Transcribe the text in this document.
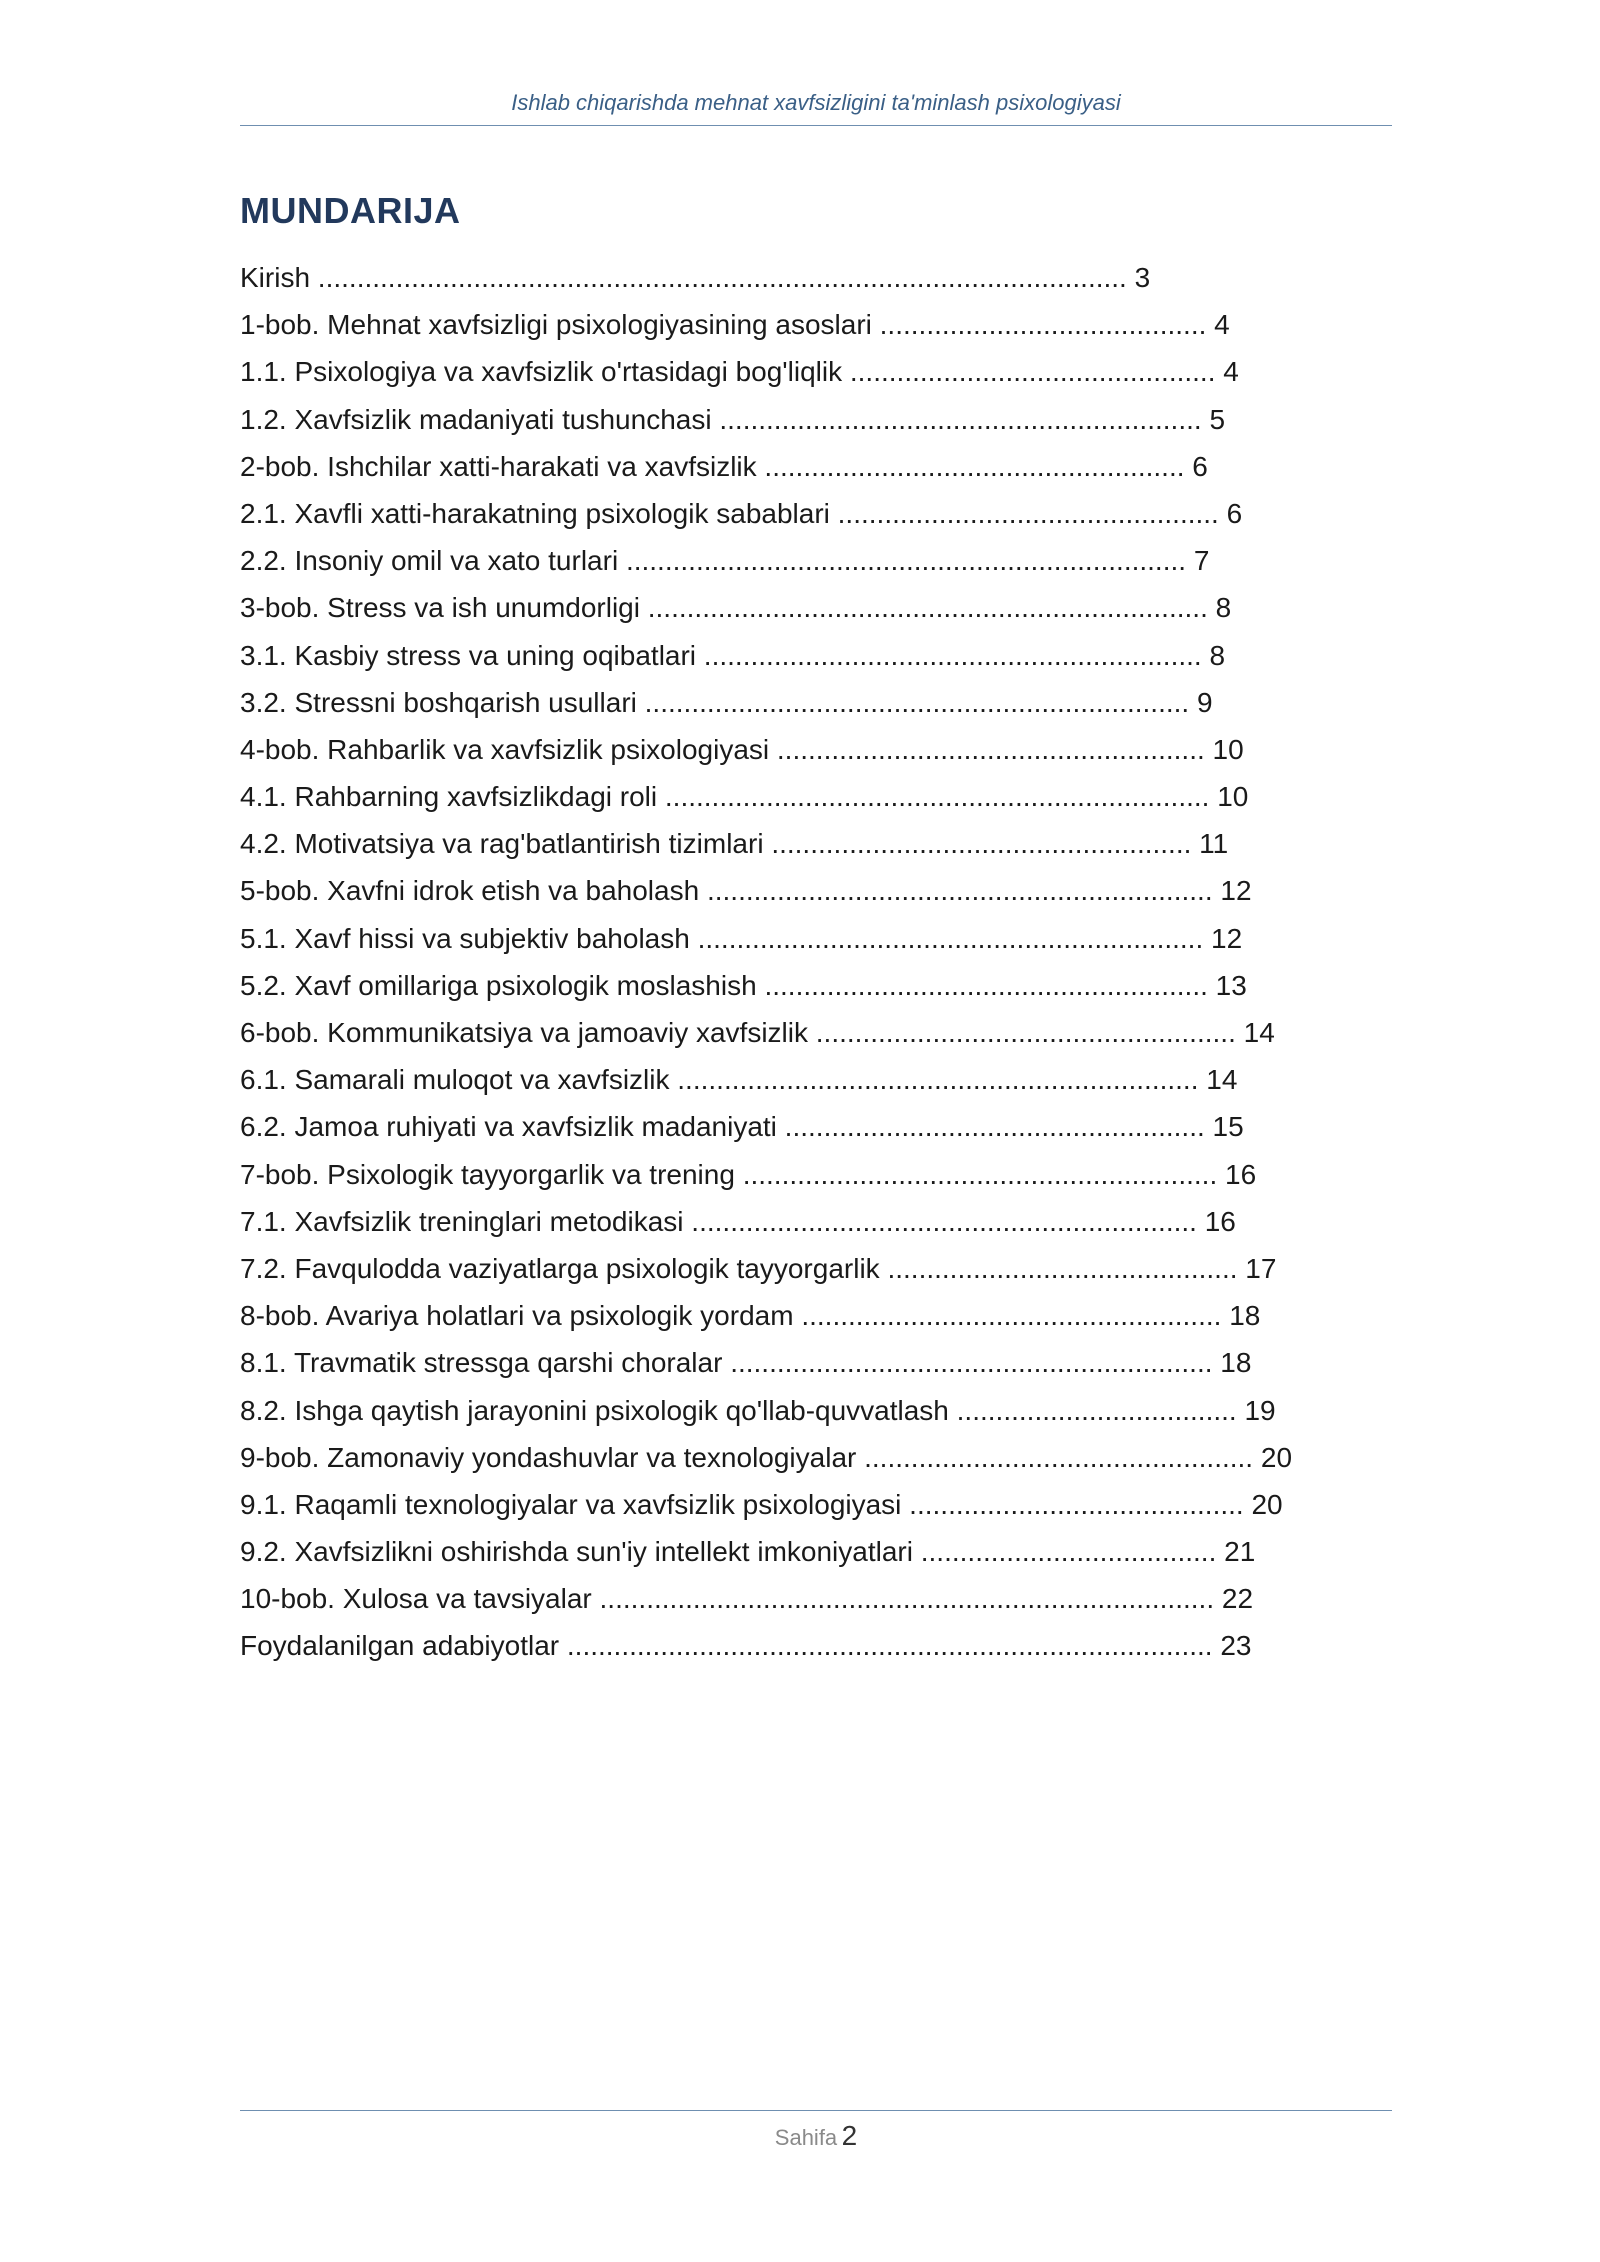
Ishlab chiqarishda mehnat xavfsizligini ta'minlash psixologiyasi
MUNDARIJA
Kirish ........................................................................................................ 3
1-bob. Mehnat xavfsizligi psixologiyasining asoslari .......................................... 4
1.1. Psixologiya va xavfsizlik o'rtasidagi bog'liqlik ............................................... 4
1.2. Xavfsizlik madaniyati tushunchasi .............................................................. 5
2-bob. Ishchilar xatti-harakati va xavfsizlik ...................................................... 6
2.1. Xavfli xatti-harakatning psixologik sabablari ................................................. 6
2.2. Insoniy omil va xato turlari ........................................................................ 7
3-bob. Stress va ish unumdorligi ........................................................................ 8
3.1. Kasbiy stress va uning oqibatlari ................................................................ 8
3.2. Stressni boshqarish usullari ...................................................................... 9
4-bob. Rahbarlik va xavfsizlik psixologiyasi ....................................................... 10
4.1. Rahbarning xavfsizlikdagi roli ...................................................................... 10
4.2. Motivatsiya va rag'batlantirish tizimlari ...................................................... 11
5-bob. Xavfni idrok etish va baholash ................................................................. 12
5.1. Xavf hissi va subjektiv baholash ................................................................. 12
5.2. Xavf omillariga psixologik moslashish ......................................................... 13
6-bob. Kommunikatsiya va jamoaviy xavfsizlik ...................................................... 14
6.1. Samarali muloqot va xavfsizlik ................................................................... 14
6.2. Jamoa ruhiyati va xavfsizlik madaniyati ...................................................... 15
7-bob. Psixologik tayyorgarlik va trening ............................................................. 16
7.1. Xavfsizlik treninglari metodikasi ................................................................. 16
7.2. Favqulodda vaziyatlarga psixologik tayyorgarlik ............................................. 17
8-bob. Avariya holatlari va psixologik yordam ...................................................... 18
8.1. Travmatik stressga qarshi choralar .............................................................. 18
8.2. Ishga qaytish jarayonini psixologik qo'llab-quvvatlash .................................... 19
9-bob. Zamonaviy yondashuvlar va texnologiyalar .................................................. 20
9.1. Raqamli texnologiyalar va xavfsizlik psixologiyasi ........................................... 20
9.2. Xavfsizlikni oshirishda sun'iy intellekt imkoniyatlari ...................................... 21
10-bob. Xulosa va tavsiyalar ............................................................................... 22
Foydalanilgan adabiyotlar ................................................................................... 23
Sahifa 2
